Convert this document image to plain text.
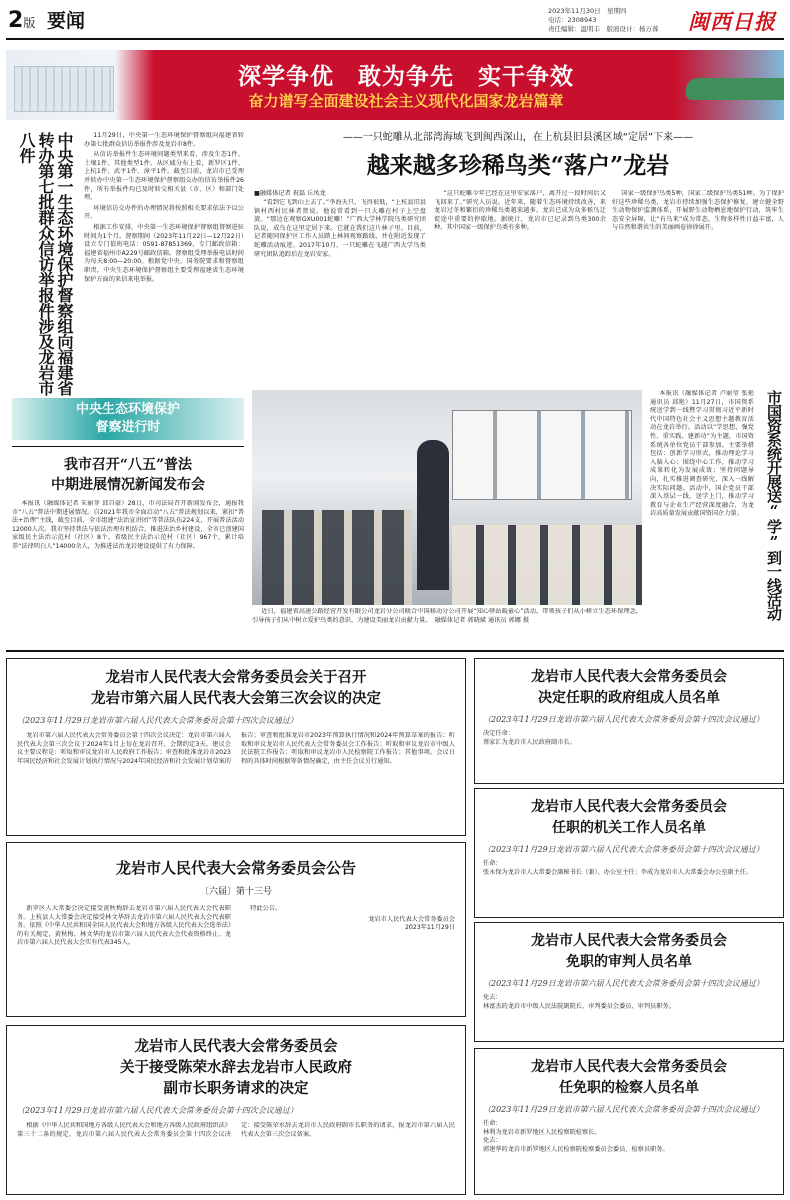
2版 要闻	2023年11月30日　星期四
电话：2308943
责任编辑：温明丰　版面设计：杨万蓉	闽西日报
深学争优　敢为争先　实干争效
奋力谱写全面建设社会主义现代化国家龙岩篇章
中央第一生态环境保护督察组向福建省转办第七批群众信访举报件涉及龙岩市八件	11月29日，中央第一生态环境保护督察组向福建省转办第七批群众信访举报件涉及龙岩市8件。

从信访举报件生态环境问题类型来看，涉及生态1件、土壤1件、其他类型1件。从区域分布上看，新罗区1件、上杭1件、武平1件、漳平1件。截至目前，龙岩市已受理并转办中央第一生态环境保护督察组交办的信访举报件26件，所有举报件均已及时转交相关县（市、区）和部门处理。

环境信访交办件的办理情况将按照相关要求依法予以公开。

根据工作安排，中央第一生态环境保护督察组督察进驻时间为1个月。督察期间（2023年11月22日—12月22日）设立专门值班电话：0591-87851369，专门邮政信箱：福建省福州市A229号邮政信箱。督察组受理举报电话时间为每天8:00—20:00。根据党中央、国务院要求和督察组职责，中央生态环境保护督察组主要受理福建省生态环境保护方面的来信来电举报。

中央生态环境保护
督察进行时
我市召开“八五”普法
中期进展情况新闻发布会

本报讯（融媒体记者 朱丽菲 邱自豪）28日，市司法局召开新闻发布会，通报我市“八五”普法中期进展情况。自2021年我市全面启动“八五”普法规划以来，紧扣“普法+治理”主线，截至目前，全市组建“法治宣讲团”等普法队伍224支，开展普法活动12000人次。我市坚持普法与依法治理有机结合，推进法治乡村建设，全市已创建国家级民主法治示范村（社区）8个、省级民主法治示范村（社区）967个，累计培养“法律明白人”14000余人，为推进法治龙岩建设提供了有力保障。

——一只蛇雕从北部湾海域飞到闽西深山，在上杭县旧县溪区域“定居”下来——
越来越多珍稀鸟类“落户”龙岩
■融媒体记者 祝磊 丘凤龙

“看到它飞到山上去了。”李海天只，飞得很低，“上杭县旧县镇村西村民林者贤说。他说常看到一只大雕在村子上空盘旋。“那边在观察GXU001蛇雕！”广西大学林学院鸟类研究团队说，成鸟在这里定居下来。它就在我们这片林子里。目前，记者随同保护区工作人员踏上林间观察路线，并在附近发现了蛇雕活动痕迹。2017年10月，一只蛇雕在飞越广西大学鸟类研究团队追踪后在龙岩安家。

“这只蛇雕今年已经在这里安家落户，离开过一段时间后又飞回来了。”研究人员说。近年来，随着生态环境持续改善，来龙岩过冬和繁衍的珍稀鸟类越来越多，龙岩已成为众多候鸟迁徙途中重要的停歇地。据统计，龙岩市已记录到鸟类300余种，其中国家一级保护鸟类有多种。

国家一级保护鸟类5种，国家二级保护鸟类51种。为了保护好这些珍稀鸟类，龙岩市持续加强生态保护修复，建立健全野生动物保护监测体系，开展野生动物栖息地保护行动，筑牢生态安全屏障，让“有鸟来”成为常态，生物多样性日益丰富，人与自然和谐共生的美丽画卷徐徐展开。

近日，福建省高速公路经营开发有限公司龙岩分公司联合中国移动分公司开展“知心驿站暖童心”活动，带领孩子们从小树立生态环保理念，引导孩子们从中树立爱护鸟类的意识，为建设美丽龙岩贡献力量。　融媒体记者 郭晓斌 通讯员 郭娜 摄

本报讯（融媒体记者 卢丽莹 张艳 通讯员 邱艳）11月27日，市国资系统送学到一线暨学习贯彻习近平新时代中国特色社会主义思想主题教育活动在龙岩举行。活动以“学思想、强党性、重实践、建新功”为主题，市国资系统各单位党员干部参加。主要举措包括：创新学习形式，推动理论学习入脑入心；围绕中心工作，推动学习成果转化为发展成效；坚持问题导向，扎实推进调查研究，深入一线解决实际问题。活动中，国企党员干部深入基层一线，送学上门，推动学习教育与企业生产经营深度融合，为龙岩高质量发展贡献国资国企力量。	市国资系统开展送“学”到一线活动
龙岩市人民代表大会常务委员会关于召开
龙岩市第六届人民代表大会第三次会议的决定
（2023年11月29日龙岩市第六届人民代表大会常务委员会第十四次会议通过）

龙岩市第六届人民代表大会常务委员会第十四次会议决定：龙岩市第六届人民代表大会第三次会议于2024年1月上旬在龙岩召开，会期约定3天。建议会议主要议程是：听取和审议龙岩市人民政府工作报告；审查和批准龙岩市2023年国民经济和社会发展计划执行情况与2024年国民经济和社会发展计划草案的报告；审查和批准龙岩市2023年预算执行情况和2024年预算草案的报告；听取和审议龙岩市人民代表大会常务委员会工作报告；听取和审议龙岩市中级人民法院工作报告；听取和审议龙岩市人民检察院工作报告；其他事项。会议日程的具体时间根据筹备情况确定，由主任会议另行通知。

龙岩市人民代表大会常务委员会公告
〔六届〕第十三号

新罗区人大常委会决定接受黄秋梅辞去龙岩市第六届人民代表大会代表职务。上杭县人大常委会决定接受林文华辞去龙岩市第六届人民代表大会代表职务。依照《中华人民共和国全国人民代表大会和地方各级人民代表大会选举法》的有关规定，黄秋梅、林文华的龙岩市第六届人民代表大会代表资格终止。龙岩市第六届人民代表大会实有代表345人。

特此公告。

龙岩市人民代表大会常务委员会
2023年11月29日
龙岩市人民代表大会常务委员会
关于接受陈荣水辞去龙岩市人民政府
副市长职务请求的决定
（2023年11月29日龙岩市第六届人民代表大会常务委员会第十四次会议通过）

根据《中华人民共和国地方各级人民代表大会和地方各级人民政府组织法》第三十二条的规定，龙岩市第六届人民代表大会常务委员会第十四次会议决定：接受陈荣水辞去龙岩市人民政府副市长职务的请求，报龙岩市第六届人民代表大会第三次会议备案。

龙岩市人民代表大会常务委员会
决定任职的政府组成人员名单
（2023年11月29日龙岩市第六届人民代表大会常务委员会第十四次会议通过）
决定任命：
蔡家汇为龙岩市人民政府副市长。
龙岩市人民代表大会常务委员会
任职的机关工作人员名单
（2023年11月29日龙岩市第六届人民代表大会常务委员会第十四次会议通过）
任命：
张永保为龙岩市人大常委会副秘书长（兼）、办公室主任；李成为龙岩市人大常委会办公室副主任。
龙岩市人民代表大会常务委员会
免职的审判人员名单
（2023年11月29日龙岩市第六届人民代表大会常务委员会第十四次会议通过）
免去：
林富杰的龙岩市中级人民法院副院长、审判委员会委员、审判员职务。
龙岩市人民代表大会常务委员会
任免职的检察人员名单
（2023年11月29日龙岩市第六届人民代表大会常务委员会第十四次会议通过）
任命：
林利为龙岩市新罗地区人民检察院检察长。
免去：
郭建华的龙岩市新罗地区人民检察院检察委员会委员、检察员职务。
